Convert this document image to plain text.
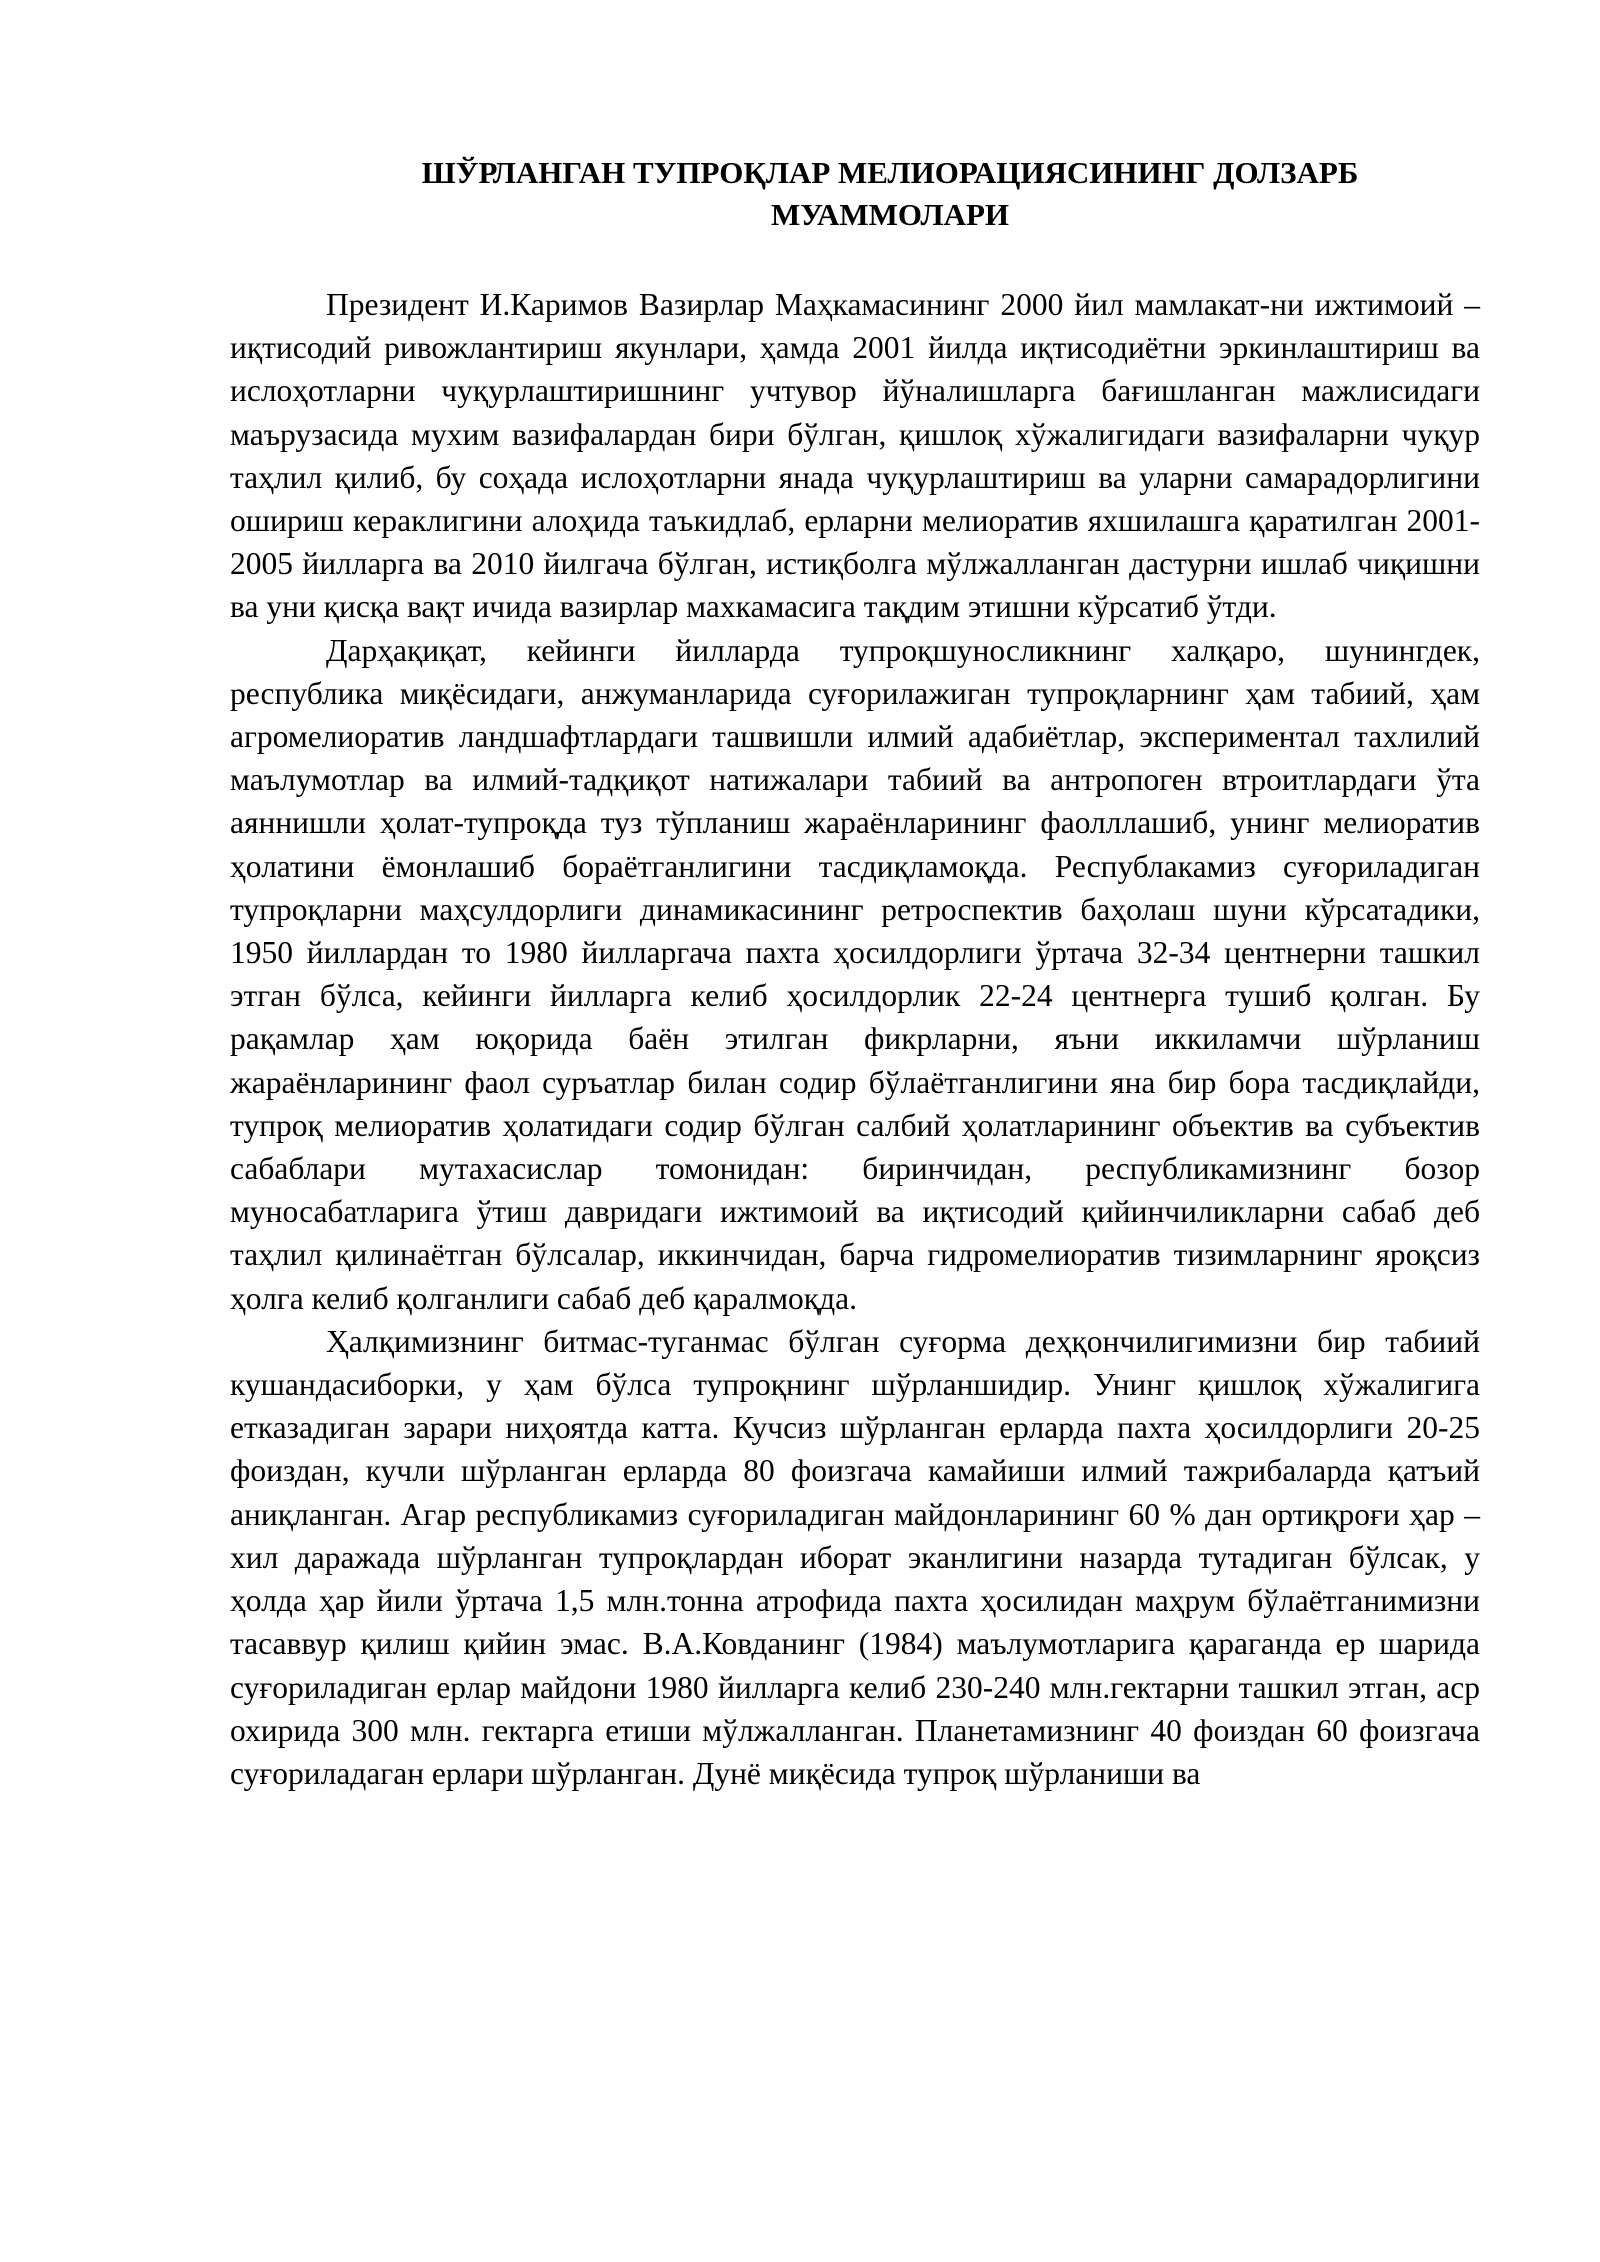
ШЎРЛАНГАН ТУПРОҚЛАР МЕЛИОРАЦИЯСИНИНГ ДОЛЗАРБ МУАММОЛАРИ

Президент И.Каримов Вазирлар Маҳкамасининг 2000 йил мамлакат-ни ижтимоий –иқтисодий ривожлантириш якунлари, ҳамда 2001 йилда иқтисодиётни эркинлаштириш ва ислоҳотларни чуқурлаштиришнинг учтувор йўналишларга бағишланган мажлисидаги маърузасида мухим вазифалардан бири бўлган, қишлоқ хўжалигидаги вазифаларни чуқур таҳлил қилиб, бу соҳада ислоҳотларни янада чуқурлаштириш ва уларни самарадорлигини ошириш кераклигини алоҳида таъкидлаб, ерларни мелиоратив яхшилашга қаратилган 2001-2005 йилларга ва 2010 йилгача бўлган, истиқболга мўлжалланган дастурни ишлаб чиқишни ва уни қисқа вақт ичида вазирлар махкамасига тақдим этишни кўрсатиб ўтди.

Дарҳақиқат, кейинги йилларда тупроқшуносликнинг халқаро, шунингдек, республика миқёсидаги, анжуманларида суғорилажиган тупроқларнинг ҳам табиий, ҳам агромелиоратив ландшафтлардаги ташвишли илмий адабиётлар, экспериментал тахлилий маълумотлар ва илмий-тадқиқот натижалари табиий ва антропоген втроитлардаги ўта аяннишли ҳолат-тупроқда туз тўпланиш жараёнларининг фаолллашиб, унинг мелиоратив ҳолатини ёмонлашиб бораётганлигини тасдиқламоқда. Республакамиз суғориладиган тупроқларни маҳсулдорлиги динамикасининг ретроспектив баҳолаш шуни кўрсатадики, 1950 йиллардан то 1980 йилларгача пахта ҳосилдорлиги ўртача 32-34 центнерни ташкил этган бўлса, кейинги йилларга келиб ҳосилдорлик 22-24 центнерга тушиб қолган. Бу рақамлар ҳам юқорида баён этилган фикрларни, яъни иккиламчи шўрланиш жараёнларининг фаол суръатлар билан содир бўлаётганлигини яна бир бора тасдиқлайди, тупроқ мелиоратив ҳолатидаги содир бўлган салбий ҳолатларининг объектив ва субъектив сабаблари мутахасислар томонидан: биринчидан, республикамизнинг бозор муносабатларига ўтиш давридаги ижтимоий ва иқтисодий қийинчиликларни сабаб деб таҳлил қилинаётган бўлсалар, иккинчидан, барча гидромелиоратив тизимларнинг яроқсиз ҳолга келиб қолганлиги сабаб деб қаралмоқда.

Ҳалқимизнинг битмас-туганмас бўлган суғорма деҳқончилигимизни бир табиий кушандасиборки, у ҳам бўлса тупроқнинг шўрланшидир. Унинг қишлоқ хўжалигига етказадиган зарари ниҳоятда катта. Кучсиз шўрланган ерларда пахта ҳосилдорлиги 20-25 фоиздан, кучли шўрланган ерларда 80 фоизгача камайиши илмий тажрибаларда қатъий аниқланган. Агар республикамиз суғориладиган майдонларининг 60 % дан ортиқроғи ҳар –хил даражада шўрланган тупроқлардан иборат эканлигини назарда тутадиган бўлсак, у ҳолда ҳар йили ўртача 1,5 млн.тонна атрофида пахта ҳосилидан маҳрум бўлаётганимизни тасаввур қилиш қийин эмас. В.А.Ковданинг (1984) маълумотларига қараганда ер шарида суғориладиган ерлар майдони 1980 йилларга келиб 230-240 млн.гектарни ташкил этган, аср охирида 300 млн. гектарга етиши мўлжалланган. Планетамизнинг 40 фоиздан 60 фоизгача суғориладаган ерлари шўрланган. Дунё миқёсида тупроқ шўрланиши ва
